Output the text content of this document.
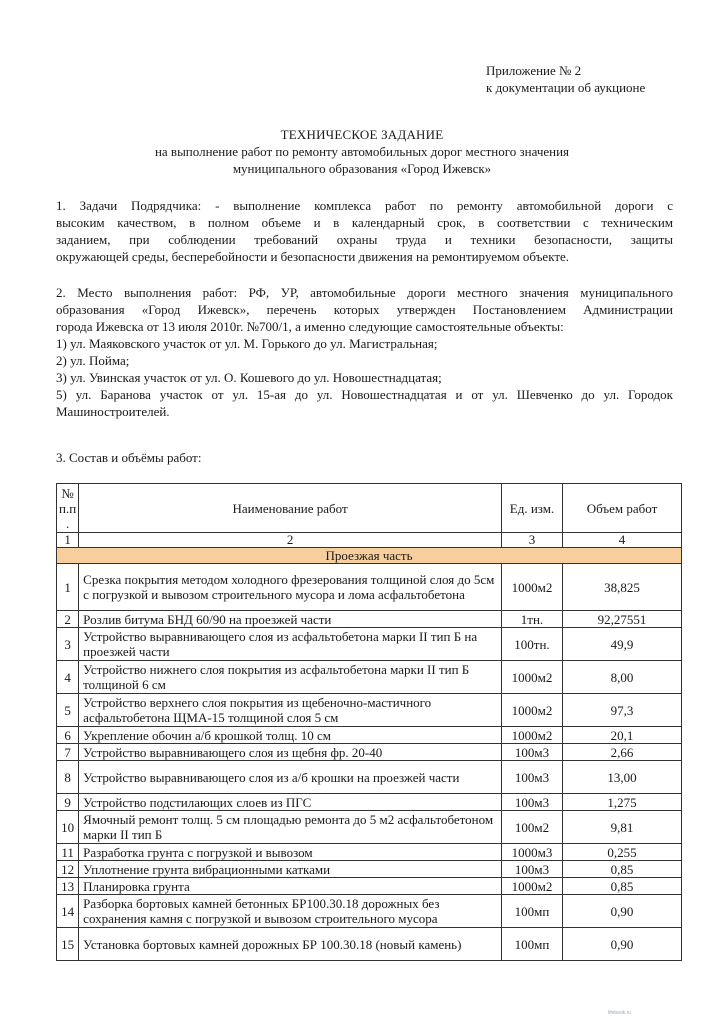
Приложение № 2
к документации об аукционе
ТЕХНИЧЕСКОЕ ЗАДАНИЕ
на выполнение работ по ремонту автомобильных дорог местного значения
муниципального образования «Город Ижевск»
1. Задачи Подрядчика: - выполнение комплекса работ по ремонту автомобильной дороги с
высоким качеством, в полном объеме и в календарный срок, в соответствии с техническим
заданием, при соблюдении требований охраны труда и техники безопасности, защиты
окружающей среды, бесперебойности и безопасности движения на ремонтируемом объекте.
2. Место выполнения работ: РФ, УР, автомобильные дороги местного значения муниципального
образования «Город Ижевск», перечень которых утвержден Постановлением Администрации
города Ижевска от 13 июля 2010г. №700/1, а именно следующие самостоятельные объекты:
1) ул. Маяковского участок от ул. М. Горького до ул. Магистральная;
2) ул. Пойма;
3) ул. Увинская участок от ул. О. Кошевого до ул. Новошестнадцатая;
5) ул. Баранова участок от ул. 15-ая до ул. Новошестнадцатая и от ул. Шевченко до ул. Городок
Машиностроителей.
3. Состав и объёмы работ:
№ п.п .	Наименование работ	Ед. изм.	Объем работ
1	2	3	4
Проезжая часть			
1	Срезка покрытия методом холодного фрезерования толщиной слоя до 5см с погрузкой и вывозом строительного мусора и лома асфальтобетона	1000м2	38,825
2	Розлив битума БНД 60/90 на проезжей части	1тн.	92,27551
3	Устройство выравнивающего слоя из асфальтобетона марки II тип Б на проезжей части	100тн.	49,9
4	Устройство нижнего слоя покрытия из асфальтобетона марки II тип Б толщиной 6 см	1000м2	8,00
5	Устройство верхнего слоя покрытия из щебеночно-мастичного асфальтобетона ЩМА-15 толщиной слоя 5 см	1000м2	97,3
6	Укрепление обочин а/б крошкой толщ. 10 см	1000м2	20,1
7	Устройство выравнивающего слоя из щебня фр. 20-40	100м3	2,66
8	Устройство выравнивающего слоя из а/б крошки на проезжей части	100м3	13,00
9	Устройство подстилающих слоев из ПГС	100м3	1,275
10	Ямочный ремонт толщ. 5 см площадью ремонта до 5 м2 асфальтобетоном марки II тип Б	100м2	9,81
11	Разработка грунта с погрузкой и вывозом	1000м3	0,255
12	Уплотнение грунта вибрационными катками	100м3	0,85
13	Планировка грунта	1000м2	0,85
14	Разборка бортовых камней бетонных БР100.30.18 дорожных без сохранения камня с погрузкой и вывозом строительного мусора	100мп	0,90
15	Установка бортовых камней дорожных БР 100.30.18 (новый камень)	100мп	0,90
lifebook.ru
